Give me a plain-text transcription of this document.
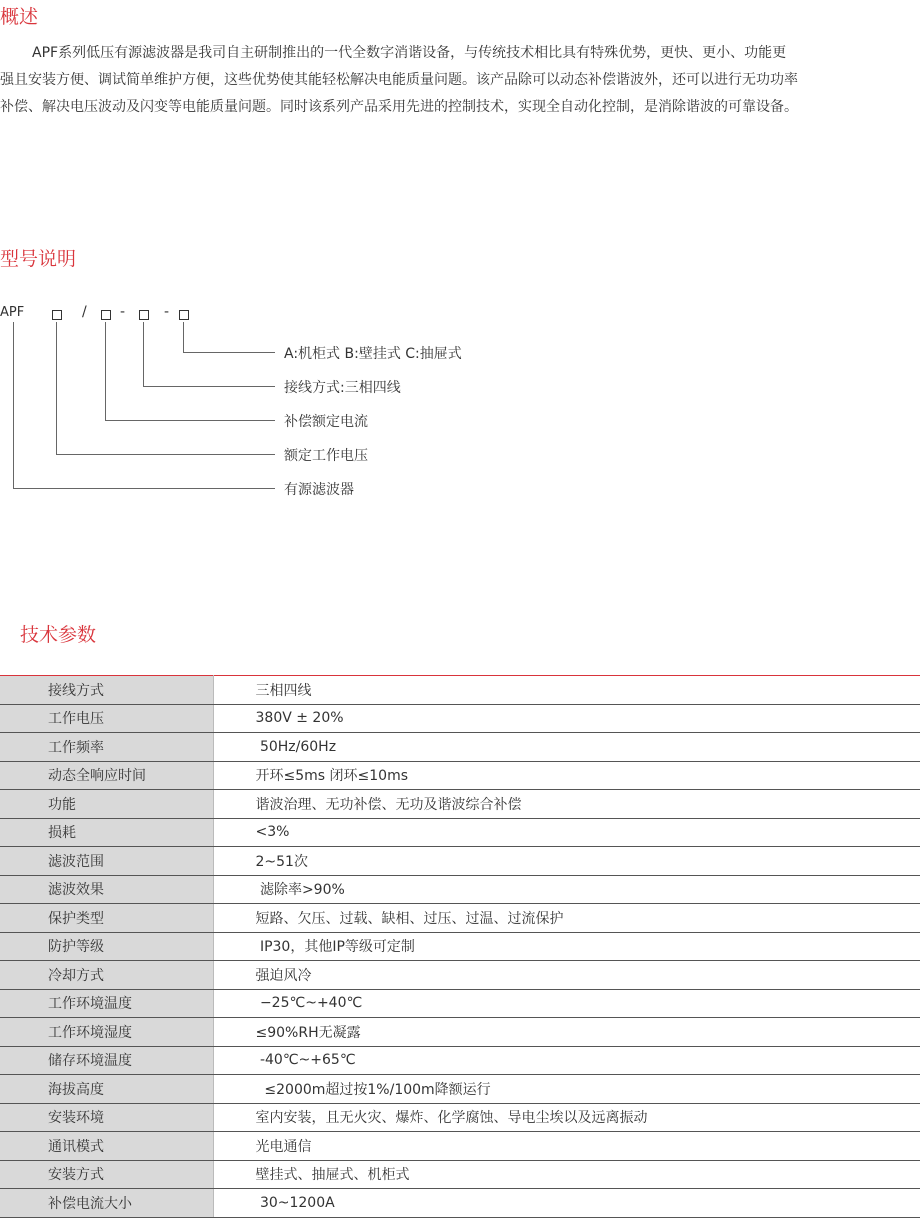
概述

APF系列低压有源滤波器是我司自主研制推出的一代全数字消谐设备，与传统技术相比具有特殊优势，更快、更小、功能更
强且安装方便、调试简单维护方便，这些优势使其能轻松解决电能质量问题。该产品除可以动态补偿谐波外，还可以进行无功功率
补偿、解决电压波动及闪变等电能质量问题。同时该系列产品采用先进的控制技术，实现全自动化控制，是消除谐波的可靠设备。

型号说明
APF	/ -	-
A:机柜式 B:壁挂式 C:抽屉式
接线方式:三相四线
补偿额定电流
额定工作电压
有源滤波器
技术参数
接线方式	三相四线
工作电压	380V ± 20%
工作频率	50Hz/60Hz
动态全响应时间	开环≤5ms 闭环≤10ms
功能	谐波治理、无功补偿、无功及谐波综合补偿
损耗	<3%
滤波范围	2~51次
滤波效果	滤除率>90%
保护类型	短路、欠压、过载、缺相、过压、过温、过流保护
防护等级	IP30，其他IP等级可定制
冷却方式	强迫风冷
工作环境温度	−25℃~+40℃
工作环境湿度	≤90%RH无凝露
储存环境温度	-40℃~+65℃
海拔高度	≤2000m超过按1%/100m降额运行
安装环境	室内安装，且无火灾、爆炸、化学腐蚀、导电尘埃以及远离振动
通讯模式	光电通信
安装方式	壁挂式、抽屉式、机柜式
补偿电流大小	30~1200A
